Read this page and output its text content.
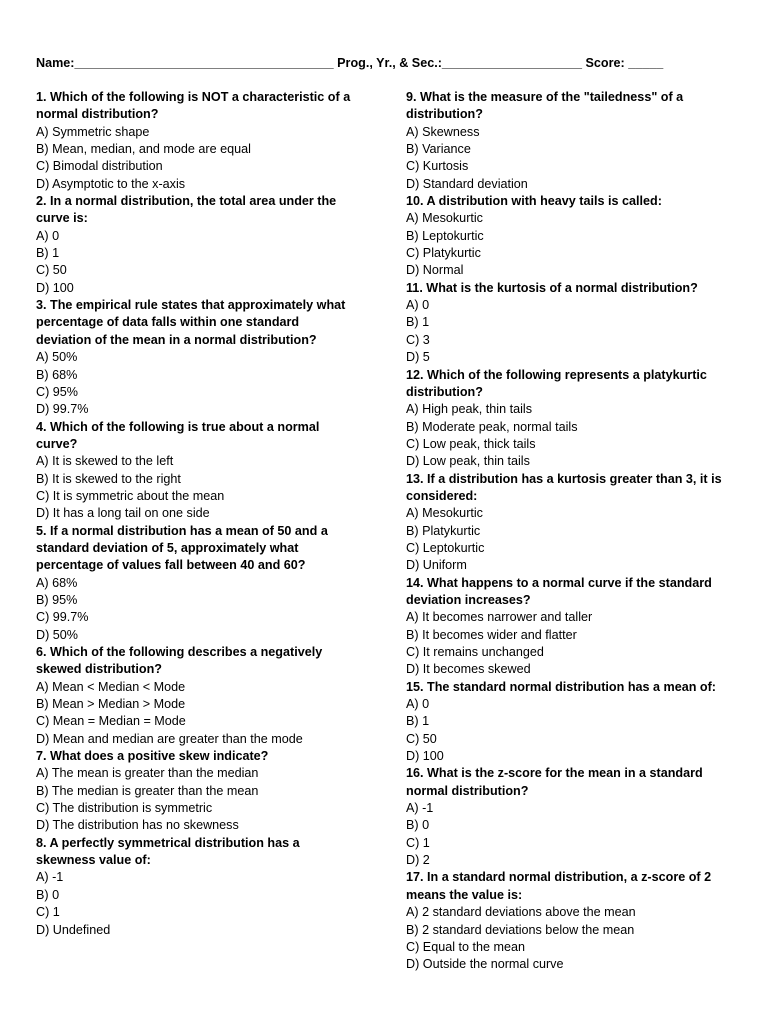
Name:_____________________________________ Prog., Yr., & Sec.:____________________ Score: _____
1. Which of the following is NOT a characteristic of a
normal distribution?
A) Symmetric shape
B) Mean, median, and mode are equal
C) Bimodal distribution
D) Asymptotic to the x-axis
2. In a normal distribution, the total area under the
curve is:
A) 0
B) 1
C) 50
D) 100
3. The empirical rule states that approximately what
percentage of data falls within one standard
deviation of the mean in a normal distribution?
A) 50%
B) 68%
C) 95%
D) 99.7%
4. Which of the following is true about a normal
curve?
A) It is skewed to the left
B) It is skewed to the right
C) It is symmetric about the mean
D) It has a long tail on one side
5. If a normal distribution has a mean of 50 and a
standard deviation of 5, approximately what
percentage of values fall between 40 and 60?
A) 68%
B) 95%
C) 99.7%
D) 50%
6. Which of the following describes a negatively
skewed distribution?
A) Mean < Median < Mode
B) Mean > Median > Mode
C) Mean = Median = Mode
D) Mean and median are greater than the mode
7. What does a positive skew indicate?
A) The mean is greater than the median
B) The median is greater than the mean
C) The distribution is symmetric
D) The distribution has no skewness
8. A perfectly symmetrical distribution has a
skewness value of:
A) -1
B) 0
C) 1
D) Undefined
9. What is the measure of the "tailedness" of a
distribution?
A) Skewness
B) Variance
C) Kurtosis
D) Standard deviation
10. A distribution with heavy tails is called:
A) Mesokurtic
B) Leptokurtic
C) Platykurtic
D) Normal
11. What is the kurtosis of a normal distribution?
A) 0
B) 1
C) 3
D) 5
12. Which of the following represents a platykurtic
distribution?
A) High peak, thin tails
B) Moderate peak, normal tails
C) Low peak, thick tails
D) Low peak, thin tails
13. If a distribution has a kurtosis greater than 3, it is
considered:
A) Mesokurtic
B) Platykurtic
C) Leptokurtic
D) Uniform
14. What happens to a normal curve if the standard
deviation increases?
A) It becomes narrower and taller
B) It becomes wider and flatter
C) It remains unchanged
D) It becomes skewed
15. The standard normal distribution has a mean of:
A) 0
B) 1
C) 50
D) 100
16. What is the z-score for the mean in a standard
normal distribution?
A) -1
B) 0
C) 1
D) 2
17. In a standard normal distribution, a z-score of 2
means the value is:
A) 2 standard deviations above the mean
B) 2 standard deviations below the mean
C) Equal to the mean
D) Outside the normal curve
